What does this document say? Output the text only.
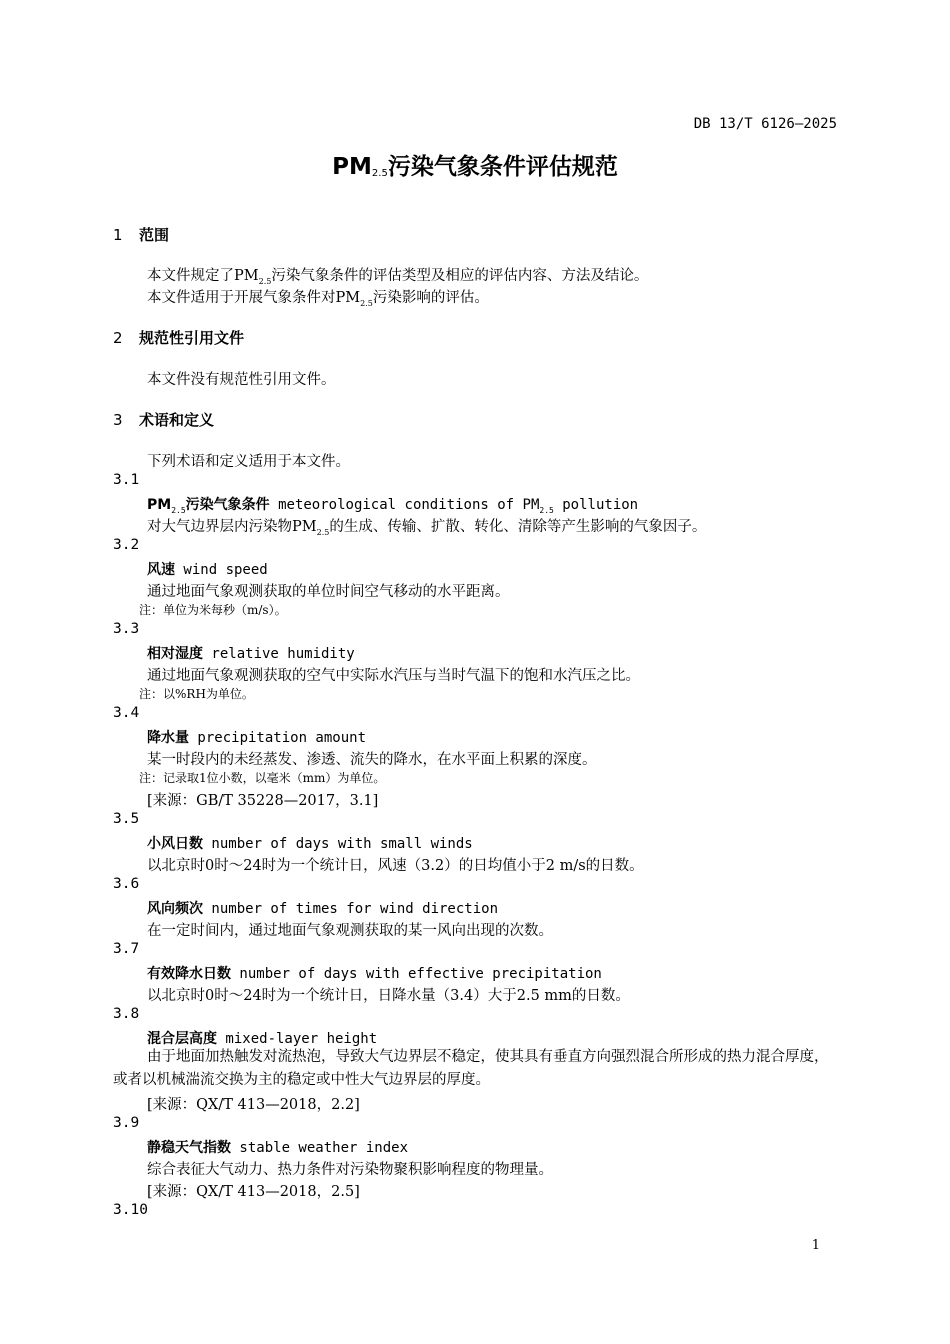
DB 13/T 6126—2025
$PM_{2.5}$污染气象条件评估规范
1 范围
本文件规定了$PM_{2.5}$污染气象条件的评估类型及相应的评估内容、方法及结论。
本文件适用于开展气象条件对$PM_{2.5}$污染影响的评估。
2 规范性引用文件
本文件没有规范性引用文件。
3 术语和定义
下列术语和定义适用于本文件。
3.1
$PM_{2.5}$污染气象条件 meteorological conditions of $PM_{2.5}$ pollution
对大气边界层内污染物$PM_{2.5}$的生成、传输、扩散、转化、清除等产生影响的气象因子。
3.2
风速 wind speed
通过地面气象观测获取的单位时间空气移动的水平距离。
注：单位为米每秒（m/s）。
3.3
相对湿度 relative humidity
通过地面气象观测获取的空气中实际水汽压与当时气温下的饱和水汽压之比。
注：以%RH为单位。
3.4
降水量 precipitation amount
某一时段内的未经蒸发、渗透、流失的降水，在水平面上积累的深度。
注：记录取1位小数，以毫米（mm）为单位。
[来源：GB/T 35228—2017，3.1]
3.5
小风日数 number of days with small winds
以北京时0时～24时为一个统计日，风速（3.2）的日均值小于2 m/s的日数。
3.6
风向频次 number of times for wind direction
在一定时间内，通过地面气象观测获取的某一风向出现的次数。
3.7
有效降水日数 number of days with effective precipitation
以北京时0时～24时为一个统计日，日降水量（3.4）大于2.5 mm的日数。
3.8
混合层高度 mixed-layer height
由于地面加热触发对流热泡，导致大气边界层不稳定，使其具有垂直方向强烈混合所形成的热力混合厚度，或者以机械湍流交换为主的稳定或中性大气边界层的厚度。
[来源：QX/T 413—2018，2.2]
3.9
静稳天气指数 stable weather index
综合表征大气动力、热力条件对污染物聚积影响程度的物理量。
[来源：QX/T 413—2018，2.5]
3.10
1
